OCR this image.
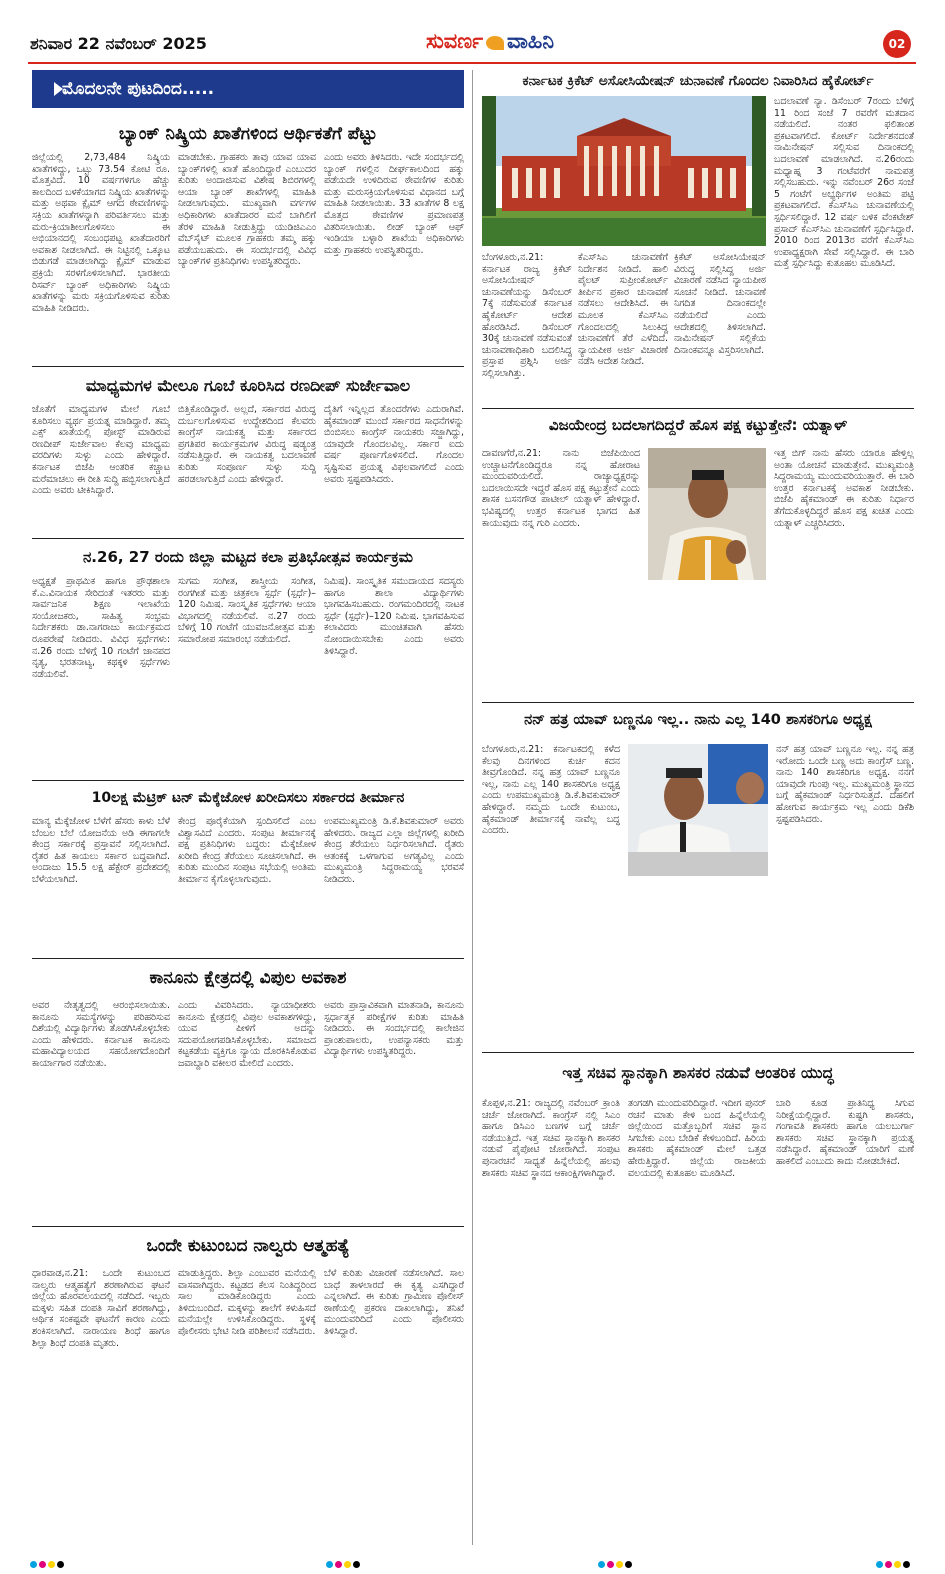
ಶನಿವಾರ 22 ನವೆಂಬರ್ 2025	ಸುವರ್ಣ ವಾಹಿನಿ	02
ಮೊದಲನೇ ಪುಟದಿಂದ.....
ಬ್ಯಾಂಕ್ ನಿಷ್ಕ್ರಿಯ ಖಾತೆಗಳಿಂದ ಆರ್ಥಿಕತೆಗೆ ಪೆಟ್ಟು
ಜಿಲ್ಲೆಯಲ್ಲಿ 2,73,484 ನಿಷ್ಕ್ರಿಯ ಖಾತೆಗಳಿದ್ದು, ಒಟ್ಟು 73.54 ಕೋಟಿ ರೂ. ಮೊತ್ತವಿದೆ. 10 ವರ್ಷಗಳಿಗೂ ಹೆಚ್ಚು ಕಾಲದಿಂದ ಬಳಕೆಯಾಗದ ನಿಷ್ಕ್ರಿಯ ಖಾತೆಗಳನ್ನು ಮತ್ತು ಅಥವಾ ಕ್ಲೈಮ್ ಆಗದ ಠೇವಣಿಗಳನ್ನು ಸಕ್ರಿಯ ಖಾತೆಗಳನ್ನಾಗಿ ಪರಿವರ್ತಿಸಲು ಮತ್ತು ಮರು-ಕ್ರಿಯಾಶೀಲಗೊಳಿಸಲು ಈ ಅಭಿಯಾನದಲ್ಲಿ ಸಂಬಂಧಪಟ್ಟ ಖಾತೆದಾರರಿಗೆ ಅವಕಾಶ ನೀಡಲಾಗಿದೆ. ಈ ನಿಟ್ಟಿನಲ್ಲಿ ಒಕ್ಕೂಟ ಬಿಡುಗಡೆ ಮಾಡಲಾಗಿದ್ದು ಕ್ಲೈಮ್ ಮಾಡುವ ಪ್ರಕ್ರಿಯೆ ಸರಳಗೊಳಿಸಲಾಗಿದೆ. ಭಾರತೀಯ ರಿಸರ್ವ್ ಬ್ಯಾಂಕ್ ಅಧಿಕಾರಿಗಳು ನಿಷ್ಕ್ರಿಯ ಖಾತೆಗಳನ್ನು ಮರು ಸಕ್ರಿಯಗೊಳಿಸುವ ಕುರಿತು ಮಾಹಿತಿ ನೀಡಿದರು.
ಮಾಡಬೇಕು. ಗ್ರಾಹಕರು ತಾವು ಯಾವ ಯಾವ ಬ್ಯಾಂಕ್‌ಗಳಲ್ಲಿ ಖಾತೆ ಹೊಂದಿದ್ದಾರೆ ಎಂಬುದರ ಕುರಿತು ಅಂದಾಜಿಸುವ ವಿಶೇಷ ಶಿಬಿರಗಳಲ್ಲಿ ಆಯಾ ಬ್ಯಾಂಕ್ ಶಾಖೆಗಳಲ್ಲಿ ಮಾಹಿತಿ ನೀಡಲಾಗುವುದು. ಮುಖ್ಯವಾಗಿ ವರ್ಗಗಳ ಅಧಿಕಾರಿಗಳು ಖಾತೆದಾರರ ಮನೆ ಬಾಗಿಲಿಗೆ ತೆರಳಿ ಮಾಹಿತಿ ನೀಡುತ್ತಿದ್ದು ಯುಡಿಜಿಎಎಂ ವೆಬ್‌ಸೈಟ್ ಮೂಲಕ ಗ್ರಾಹಕರು ತಮ್ಮ ಹಕ್ಕು ಪಡೆಯಬಹುದು. ಈ ಸಂದರ್ಭದಲ್ಲಿ ವಿವಿಧ ಬ್ಯಾಂಕ್‌ಗಳ ಪ್ರತಿನಿಧಿಗಳು ಉಪಸ್ಥಿತರಿದ್ದರು.
ಎಂದು ಅವರು ತಿಳಿಸಿದರು. ಇದೇ ಸಂದರ್ಭದಲ್ಲಿ ಬ್ಯಾಂಕ್ ಗಳಲ್ಲಿನ ದೀರ್ಘಕಾಲದಿಂದ ಹಕ್ಕು ಪಡೆಯದೇ ಉಳಿದಿರುವ ಠೇವಣಿಗಳ ಕುರಿತು ಮತ್ತು ಮರುಸಕ್ರಿಯಗೊಳಿಸುವ ವಿಧಾನದ ಬಗ್ಗೆ ಮಾಹಿತಿ ನೀಡಲಾಯಿತು. 33 ಖಾತೆಗಳ 8 ಲಕ್ಷ ಮೊತ್ತದ ಠೇವಣಿಗಳ ಪ್ರಮಾಣಪತ್ರ ವಿತರಿಸಲಾಯಿತು. ಲೀಡ್ ಬ್ಯಾಂಕ್ ಆಫ್ ಇಂಡಿಯಾ ಬಳ್ಳಾರಿ ಶಾಖೆಯ ಅಧಿಕಾರಿಗಳು ಮತ್ತು ಗ್ರಾಹಕರು ಉಪಸ್ಥಿತರಿದ್ದರು.
ಮಾಧ್ಯಮಗಳ ಮೇಲೂ ಗೂಬೆ ಕೂರಿಸಿದ ರಣದೀಪ್ ಸುರ್ಜೇವಾಲ
ಜೊತೆಗೆ ಮಾಧ್ಯಮಗಳ ಮೇಲೆ ಗೂಬೆ ಕೂರಿಸಲು ವ್ಯರ್ಥ ಪ್ರಯತ್ನ ಮಾಡಿದ್ದಾರೆ. ತಮ್ಮ ಎಕ್ಸ್ ಖಾತೆಯಲ್ಲಿ ಪೋಸ್ಟ್ ಮಾಡಿರುವ ರಣದೀಪ್ ಸುರ್ಜೇವಾಲ ಕೆಲವು ಮಾಧ್ಯಮ ವರದಿಗಳು ಸುಳ್ಳು ಎಂದು ಹೇಳಿದ್ದಾರೆ. ಕರ್ನಾಟಕ ಬಿಜೆಪಿ ಆಂತರಿಕ ಕಚ್ಚಾಟ ಮರೆಮಾಚಲು ಈ ರೀತಿ ಸುದ್ದಿ ಹಬ್ಬಿಸಲಾಗುತ್ತಿದೆ ಎಂದು ಅವರು ಟೀಕಿಸಿದ್ದಾರೆ.
ಬಿತ್ತಿಕೊಂಡಿದ್ದಾರೆ. ಅಲ್ಲದೆ, ಸರ್ಕಾರದ ವಿರುದ್ಧ ದುರ್ಬಲಗೊಳಿಸುವ ಉದ್ದೇಶದಿಂದ ಕೆಲವರು ಕಾಂಗ್ರೆಸ್ ನಾಯಕತ್ವ ಮತ್ತು ಸರ್ಕಾರದ ಪ್ರಗತಿಪರ ಕಾರ್ಯಕ್ರಮಗಳ ವಿರುದ್ಧ ಷಡ್ಯಂತ್ರ ನಡೆಸುತ್ತಿದ್ದಾರೆ. ಈ ನಾಯಕತ್ವ ಬದಲಾವಣೆ ಕುರಿತು ಸಂಪೂರ್ಣ ಸುಳ್ಳು ಸುದ್ದಿ ಹರಡಲಾಗುತ್ತಿದೆ ಎಂದು ಹೇಳಿದ್ದಾರೆ.
ದೈತಿಗೆ ಇನ್ನಿಲ್ಲದ ತೊಂದರೆಗಳು ಎದುರಾಗಿವೆ. ಹೈಕಮಾಂಡ್ ಮುಂದೆ ಸರ್ಕಾರದ ಸಾಧನೆಗಳನ್ನು ಬಿಂಬಿಸಲು ಕಾಂಗ್ರೆಸ್ ನಾಯಕರು ಸಜ್ಜಾಗಿದ್ದು, ಯಾವುದೇ ಗೊಂದಲವಿಲ್ಲ. ಸರ್ಕಾರ ಐದು ವರ್ಷ ಪೂರ್ಣಗೊಳಿಸಲಿದೆ. ಗೊಂದಲ ಸೃಷ್ಟಿಸುವ ಪ್ರಯತ್ನ ವಿಫಲವಾಗಲಿದೆ ಎಂದು ಅವರು ಸ್ಪಷ್ಟಪಡಿಸಿದರು.
ನ.26, 27 ರಂದು ಜಿಲ್ಲಾ ಮಟ್ಟದ ಕಲಾ ಪ್ರತಿಭೋತ್ಸವ ಕಾರ್ಯಕ್ರಮ
ಅಧ್ಯಕ್ಷತೆ ಪ್ರಾಥಮಿಕ ಹಾಗೂ ಪ್ರೌಢಶಾಲಾ ಕೆ.ಎ.ವಿನಾಯಕ ಸೇರಿದಂತೆ ಇತರರು ಮತ್ತು ಸಾರ್ವಜನಿಕ ಶಿಕ್ಷಣ ಇಲಾಖೆಯ ಸಂಯೋಜಕರು, ಸಾಹಿತ್ಯ ಸಂಭ್ರಮ ನಿರ್ದೇಶಕರು ಡಾ.ನಾಗರಾಜು ಕಾರ್ಯಕ್ರಮದ ರೂಪರೇಷೆ ನೀಡಿದರು. ವಿವಿಧ ಸ್ಪರ್ಧೆಗಳು: ನ.26 ರಂದು ಬೆಳಿಗ್ಗೆ 10 ಗಂಟೆಗೆ ಜಾನಪದ ನೃತ್ಯ, ಭರತನಾಟ್ಯ, ಕಥಕ್ಕಳಿ ಸ್ಪರ್ಧೆಗಳು ನಡೆಯಲಿವೆ.
ಸುಗಮ ಸಂಗೀತ, ಶಾಸ್ತ್ರೀಯ ಸಂಗೀತ, ರಂಗಗೀತೆ ಮತ್ತು ಚಿತ್ರಕಲಾ ಸ್ಪರ್ಧೆ (ಸ್ಪರ್ಧೆ)–120 ನಿಮಿಷ. ಸಾಂಸ್ಕೃತಿಕ ಸ್ಪರ್ಧೆಗಳು ಆಯಾ ವಿಭಾಗದಲ್ಲಿ ನಡೆಯಲಿವೆ. ನ.27 ರಂದು ಬೆಳಿಗ್ಗೆ 10 ಗಂಟೆಗೆ ಯುವಜನೋತ್ಸವ ಮತ್ತು ಸಮಾರೋಪ ಸಮಾರಂಭ ನಡೆಯಲಿದೆ.
ನಿಮಿಷ). ಸಾಂಸ್ಕೃತಿಕ ಸಮುದಾಯದ ಸದಸ್ಯರು ಹಾಗೂ ಶಾಲಾ ವಿದ್ಯಾರ್ಥಿಗಳು ಭಾಗವಹಿಸಬಹುದು. ರಂಗಮಂದಿರದಲ್ಲಿ ನಾಟಕ ಸ್ಪರ್ಧೆ (ಸ್ಪರ್ಧೆ)–120 ನಿಮಿಷ. ಭಾಗವಹಿಸುವ ಕಲಾವಿದರು ಮುಂಚಿತವಾಗಿ ಹೆಸರು ನೋಂದಾಯಿಸಬೇಕು ಎಂದು ಅವರು ತಿಳಿಸಿದ್ದಾರೆ.
10ಲಕ್ಷ ಮೆಟ್ರಿಕ್ ಟನ್ ಮೆಕ್ಕೆಜೋಳ ಖರೀದಿಸಲು ಸರ್ಕಾರದ ತೀರ್ಮಾನ
ಮಾನ್ಯ ಮೆಕ್ಕೆಜೋಳ ಬೆಳೆಗೆ ಹೆಸರು ಕಾಳು ಬೆಳೆ ಬೆಂಬಲ ಬೆಲೆ ಯೋಜನೆಯ ಅಡಿ ಈಗಾಗಲೇ ಕೇಂದ್ರ ಸರ್ಕಾರಕ್ಕೆ ಪ್ರಸ್ತಾವನೆ ಸಲ್ಲಿಸಲಾಗಿದೆ. ರೈತರ ಹಿತ ಕಾಯಲು ಸರ್ಕಾರ ಬದ್ಧವಾಗಿದೆ. ಅಂದಾಜು 15.5 ಲಕ್ಷ ಹೆಕ್ಟೇರ್ ಪ್ರದೇಶದಲ್ಲಿ ಬೆಳೆಯಲಾಗಿದೆ.
ಕೇಂದ್ರ ಪೂರೈಕೆಯಾಗಿ ಸ್ಪಂದಿಸಲಿದೆ ಎಂಬ ವಿಶ್ವಾಸವಿದೆ ಎಂದರು. ಸಂಪುಟ ತೀರ್ಮಾನಕ್ಕೆ ಪಕ್ಷ ಪ್ರತಿನಿಧಿಗಳು ಬದ್ಧರು: ಮೆಕ್ಕೆಜೋಳ ಖರೀದಿ ಕೇಂದ್ರ ತೆರೆಯಲು ಸೂಚಿಸಲಾಗಿದೆ. ಈ ಕುರಿತು ಮುಂದಿನ ಸಂಪುಟ ಸಭೆಯಲ್ಲಿ ಅಂತಿಮ ತೀರ್ಮಾನ ಕೈಗೊಳ್ಳಲಾಗುವುದು.
ಉಪಮುಖ್ಯಮಂತ್ರಿ ಡಿ.ಕೆ.ಶಿವಕುಮಾರ್ ಅವರು ಹೇಳಿದರು. ರಾಜ್ಯದ ಎಲ್ಲಾ ಜಿಲ್ಲೆಗಳಲ್ಲಿ ಖರೀದಿ ಕೇಂದ್ರ ತೆರೆಯಲು ನಿರ್ಧರಿಸಲಾಗಿದೆ. ರೈತರು ಆತಂಕಕ್ಕೆ ಒಳಗಾಗುವ ಅಗತ್ಯವಿಲ್ಲ ಎಂದು ಮುಖ್ಯಮಂತ್ರಿ ಸಿದ್ದರಾಮಯ್ಯ ಭರವಸೆ ನೀಡಿದರು.
ಕಾನೂನು ಕ್ಷೇತ್ರದಲ್ಲಿ ವಿಪುಲ ಅವಕಾಶ
ಅವರ ನೇತೃತ್ವದಲ್ಲಿ ಆರಂಭಿಸಲಾಯಿತು. ಕಾನೂನು ಸಮಸ್ಯೆಗಳನ್ನು ಪರಿಹರಿಸುವ ದಿಶೆಯಲ್ಲಿ ವಿದ್ಯಾರ್ಥಿಗಳು ತೊಡಗಿಸಿಕೊಳ್ಳಬೇಕು ಎಂದು ಹೇಳಿದರು. ಕರ್ನಾಟಕ ಕಾನೂನು ಮಹಾವಿದ್ಯಾಲಯದ ಸಹಯೋಗದೊಂದಿಗೆ ಕಾರ್ಯಾಗಾರ ನಡೆಯಿತು.
ಎಂದು ವಿವರಿಸಿದರು. ನ್ಯಾಯಾಧೀಶರು ಕಾನೂನು ಕ್ಷೇತ್ರದಲ್ಲಿ ವಿಪುಲ ಅವಕಾಶಗಳಿದ್ದು, ಯುವ ಪೀಳಿಗೆ ಅದನ್ನು ಸದುಪಯೋಗಪಡಿಸಿಕೊಳ್ಳಬೇಕು. ಸಮಾಜದ ಕಟ್ಟಕಡೆಯ ವ್ಯಕ್ತಿಗೂ ನ್ಯಾಯ ದೊರಕಿಸಿಕೊಡುವ ಜವಾಬ್ದಾರಿ ವಕೀಲರ ಮೇಲಿದೆ ಎಂದರು.
ಅವರು ಪ್ರಾಸ್ತಾವಿಕವಾಗಿ ಮಾತನಾಡಿ, ಕಾನೂನು ಸ್ಪರ್ಧಾತ್ಮಕ ಪರೀಕ್ಷೆಗಳ ಕುರಿತು ಮಾಹಿತಿ ನೀಡಿದರು. ಈ ಸಂದರ್ಭದಲ್ಲಿ ಕಾಲೇಜಿನ ಪ್ರಾಂಶುಪಾಲರು, ಉಪನ್ಯಾಸಕರು ಮತ್ತು ವಿದ್ಯಾರ್ಥಿಗಳು ಉಪಸ್ಥಿತರಿದ್ದರು.
ಒಂದೇ ಕುಟುಂಬದ ನಾಲ್ವರು ಆತ್ಮಹತ್ಯೆ
ಧಾರವಾಡ,ನ.21: ಒಂದೇ ಕುಟುಂಬದ ನಾಲ್ವರು ಆತ್ಮಹತ್ಯೆಗೆ ಶರಣಾಗಿರುವ ಘಟನೆ ಜಿಲ್ಲೆಯ ಹೊರವಲಯದಲ್ಲಿ ನಡೆದಿದೆ. ಇಬ್ಬರು ಮಕ್ಕಳು ಸಹಿತ ದಂಪತಿ ಸಾವಿಗೆ ಶರಣಾಗಿದ್ದು, ಆರ್ಥಿಕ ಸಂಕಷ್ಟವೇ ಘಟನೆಗೆ ಕಾರಣ ಎಂದು ಶಂಕಿಸಲಾಗಿದೆ. ನಾರಾಯಣ ಶಿಂಧೆ ಹಾಗೂ ಶಿಲ್ಪಾ ಶಿಂಧೆ ದಂಪತಿ ಮೃತರು.
ಮಾಡುತ್ತಿದ್ದರು. ಶಿಲ್ಪಾ ಎಂಬುವರ ಮನೆಯಲ್ಲಿ ವಾಸವಾಗಿದ್ದರು. ಕಟ್ಟಡದ ಕೆಲಸ ನಿಂತಿದ್ದರಿಂದ ಸಾಲ ಮಾಡಿಕೊಂಡಿದ್ದರು ಎಂದು ತಿಳಿದುಬಂದಿದೆ. ಮಕ್ಕಳನ್ನು ಶಾಲೆಗೆ ಕಳುಹಿಸದೆ ಮನೆಯಲ್ಲೇ ಉಳಿಸಿಕೊಂಡಿದ್ದರು. ಸ್ಥಳಕ್ಕೆ ಪೊಲೀಸರು ಭೇಟಿ ನೀಡಿ ಪರಿಶೀಲನೆ ನಡೆಸಿದರು.
ಬೆಳೆ ಕುರಿತು ವಿಚಾರಣೆ ನಡೆಸಲಾಗಿದೆ. ಸಾಲ ಬಾಧೆ ತಾಳಲಾರದೆ ಈ ಕೃತ್ಯ ಎಸಗಿದ್ದಾರೆ ಎನ್ನಲಾಗಿದೆ. ಈ ಕುರಿತು ಗ್ರಾಮೀಣ ಪೊಲೀಸ್ ಠಾಣೆಯಲ್ಲಿ ಪ್ರಕರಣ ದಾಖಲಾಗಿದ್ದು, ತನಿಖೆ ಮುಂದುವರಿದಿದೆ ಎಂದು ಪೊಲೀಸರು ತಿಳಿಸಿದ್ದಾರೆ.
ಕರ್ನಾಟಕ ಕ್ರಿಕೆಟ್ ಅಸೋಸಿಯೇಷನ್ ಚುನಾವಣೆ ಗೊಂದಲ ನಿವಾರಿಸಿದ ಹೈಕೋರ್ಟ್
ಬದಲಾವಣೆ ನ್ಯಾ. ಡಿಸೆಂಬರ್ 7ರಂದು ಬೆಳಿಗ್ಗೆ 11 ರಿಂದ ಸಂಜೆ 7 ರವರೆಗೆ ಮತದಾನ ನಡೆಯಲಿದೆ. ನಂತರ ಫಲಿತಾಂಶ ಪ್ರಕಟವಾಗಲಿದೆ. ಕೋರ್ಟ್ ನಿರ್ದೇಶನದಂತೆ ನಾಮಿನೇಷನ್ ಸಲ್ಲಿಸುವ ದಿನಾಂಕದಲ್ಲಿ ಬದಲಾವಣೆ ಮಾಡಲಾಗಿದೆ. ನ.26ರಂದು ಮಧ್ಯಾಹ್ನ 3 ಗಂಟೆವರೆಗೆ ನಾಮಪತ್ರ ಸಲ್ಲಿಸಬಹುದು. ಇನ್ನು ನವೆಂಬರ್ 26ರ ಸಂಜೆ 5 ಗಂಟೆಗೆ ಅಭ್ಯರ್ಥಿಗಳ ಅಂತಿಮ ಪಟ್ಟಿ ಪ್ರಕಟವಾಗಲಿದೆ. ಕೆಎಸ್‌ಸಿಎ ಚುನಾವಣೆಯಲ್ಲಿ ಸ್ಪರ್ಧಿಸಲಿದ್ದಾರೆ. 12 ವರ್ಷ ಬಳಿಕ ವೆಂಕಟೇಶ್ ಪ್ರಸಾದ್ ಕೆಎಸ್‌ಸಿಎ ಚುನಾವಣೆಗೆ ಸ್ಪರ್ಧಿಸಿದ್ದಾರೆ. 2010 ರಿಂದ 2013ರ ವರೆಗೆ ಕೆಎಸ್‌ಸಿಎ ಉಪಾಧ್ಯಕ್ಷರಾಗಿ ಸೇವೆ ಸಲ್ಲಿಸಿದ್ದಾರೆ. ಈ ಬಾರಿ ಮತ್ತೆ ಸ್ಪರ್ಧಿಸಿದ್ದು ಕುತೂಹಲ ಮೂಡಿಸಿದೆ.
ಬೆಂಗಳೂರು,ನ.21: ಕರ್ನಾಟಕ ರಾಜ್ಯ ಕ್ರಿಕೆಟ್ ಅಸೋಸಿಯೇಷನ್ ಚುನಾವಣೆಯನ್ನು ಡಿಸೆಂಬರ್ 7ಕ್ಕೆ ನಡೆಸುವಂತೆ ಕರ್ನಾಟಕ ಹೈಕೋರ್ಟ್ ಆದೇಶ ಹೊರಡಿಸಿದೆ. ಡಿಸೆಂಬರ್ 30ಕ್ಕೆ ಚುನಾವಣೆ ನಡೆಸುವಂತೆ ಚುನಾವಣಾಧಿಕಾರಿ ಬದಲಿಸಿದ್ದ ಪ್ರಸ್ತಾಪ ಪ್ರಶ್ನಿಸಿ ಅರ್ಜಿ ಸಲ್ಲಿಸಲಾಗಿತ್ತು.
ಕೆಎಸ್‌ಸಿಎ ಚುನಾವಣೆಗೆ ನಿರ್ದೇಶನ ನೀಡಿದೆ. ಹಾಲಿ ಪೈಲಟ್ ಸುಪ್ರೀಂಕೋರ್ಟ್ ತೀರ್ಪಿನ ಪ್ರಕಾರ ಚುನಾವಣೆ ನಡೆಸಲು ಆದೇಶಿಸಿದೆ. ಈ ಮೂಲಕ ಕೆಎಸ್‌ಸಿಎ ಗೊಂದಲದಲ್ಲಿ ಸಿಲುಕಿದ್ದ ಚುನಾವಣೆಗೆ ತೆರೆ ಎಳೆದಿದೆ. ನ್ಯಾಯಪೀಠ ಅರ್ಜಿ ವಿಚಾರಣೆ ನಡೆಸಿ ಆದೇಶ ನೀಡಿದೆ.
ಕ್ರಿಕೆಟ್ ಅಸೋಸಿಯೇಷನ್ ವಿರುದ್ಧ ಸಲ್ಲಿಸಿದ್ದ ಅರ್ಜಿ ವಿಚಾರಣೆ ನಡೆಸಿದ ನ್ಯಾಯಪೀಠ ಸೂಚನೆ ನೀಡಿದೆ. ಚುನಾವಣೆ ನಿಗದಿತ ದಿನಾಂಕದಲ್ಲೇ ನಡೆಯಲಿದೆ ಎಂದು ಆದೇಶದಲ್ಲಿ ತಿಳಿಸಲಾಗಿದೆ. ನಾಮಿನೇಷನ್ ಸಲ್ಲಿಕೆಯ ದಿನಾಂಕವನ್ನೂ ವಿಸ್ತರಿಸಲಾಗಿದೆ.
ವಿಜಯೇಂದ್ರ ಬದಲಾಗದಿದ್ದರೆ ಹೊಸ ಪಕ್ಷ ಕಟ್ಟುತ್ತೇನೆ: ಯತ್ನಾಳ್
ದಾವಣಗೆರೆ,ನ.21: ನಾನು ಬಿಜೆಪಿಯಿಂದ ಉಚ್ಚಾಟನೆಗೊಂಡಿದ್ದರೂ ನನ್ನ ಹೋರಾಟ ಮುಂದುವರಿಯಲಿದೆ. ರಾಜ್ಯಾಧ್ಯಕ್ಷರನ್ನು ಬದಲಾಯಿಸದೇ ಇದ್ದರೆ ಹೊಸ ಪಕ್ಷ ಕಟ್ಟುತ್ತೇನೆ ಎಂದು ಶಾಸಕ ಬಸನಗೌಡ ಪಾಟೀಲ್ ಯತ್ನಾಳ್ ಹೇಳಿದ್ದಾರೆ. ಭವಿಷ್ಯದಲ್ಲಿ ಉತ್ತರ ಕರ್ನಾಟಕ ಭಾಗದ ಹಿತ ಕಾಯುವುದು ನನ್ನ ಗುರಿ ಎಂದರು.
ಇತ್ತ ಬಿಗ್ ನಾನು ಹೆಸರು ಯಾರೂ ಹೇಳ್ತಿಲ್ಲ ಅಂತಾ ಯೋಚನೆ ಮಾಡುತ್ತೇನೆ. ಮುಖ್ಯಮಂತ್ರಿ ಸಿದ್ದರಾಮಯ್ಯ ಮುಂದುವರಿಯುತ್ತಾರೆ. ಈ ಬಾರಿ ಉತ್ತರ ಕರ್ನಾಟಕಕ್ಕೆ ಅವಕಾಶ ನೀಡಬೇಕು. ಬಿಜೆಪಿ ಹೈಕಮಾಂಡ್ ಈ ಕುರಿತು ನಿರ್ಧಾರ ತೆಗೆದುಕೊಳ್ಳದಿದ್ದರೆ ಹೊಸ ಪಕ್ಷ ಖಚಿತ ಎಂದು ಯತ್ನಾಳ್ ಎಚ್ಚರಿಸಿದರು.
ನನ್ ಹತ್ರ ಯಾವ್ ಬಣ್ಣನೂ ಇಲ್ಲ.. ನಾನು ಎಲ್ಲ 140 ಶಾಸಕರಿಗೂ ಅಧ್ಯಕ್ಷ
ಬೆಂಗಳೂರು,ನ.21: ಕರ್ನಾಟಕದಲ್ಲಿ ಕಳೆದ ಕೆಲವು ದಿನಗಳಿಂದ ಕುರ್ಚಿ ಕದನ ತೀವ್ರಗೊಂಡಿದೆ. ನನ್ನ ಹತ್ರ ಯಾವ್ ಬಣ್ಣನೂ ಇಲ್ಲ, ನಾನು ಎಲ್ಲ 140 ಶಾಸಕರಿಗೂ ಅಧ್ಯಕ್ಷ ಎಂದು ಉಪಮುಖ್ಯಮಂತ್ರಿ ಡಿ.ಕೆ.ಶಿವಕುಮಾರ್ ಹೇಳಿದ್ದಾರೆ. ನಮ್ಮದು ಒಂದೇ ಕುಟುಂಬ, ಹೈಕಮಾಂಡ್ ತೀರ್ಮಾನಕ್ಕೆ ನಾವೆಲ್ಲ ಬದ್ಧ ಎಂದರು.
ನನ್ ಹತ್ರ ಯಾವ್ ಬಣ್ಣನೂ ಇಲ್ಲ. ನನ್ನ ಹತ್ರ ಇರೋದು ಒಂದೇ ಬಣ್ಣ ಅದು ಕಾಂಗ್ರೆಸ್ ಬಣ್ಣ. ನಾನು 140 ಶಾಸಕರಿಗೂ ಅಧ್ಯಕ್ಷ. ನನಗೆ ಯಾವುದೇ ಗುಂಪು ಇಲ್ಲ. ಮುಖ್ಯಮಂತ್ರಿ ಸ್ಥಾನದ ಬಗ್ಗೆ ಹೈಕಮಾಂಡ್ ನಿರ್ಧರಿಸುತ್ತದೆ. ದೆಹಲಿಗೆ ಹೋಗುವ ಕಾರ್ಯಕ್ರಮ ಇಲ್ಲ ಎಂದು ಡಿಕೆಶಿ ಸ್ಪಷ್ಟಪಡಿಸಿದರು.
ಇತ್ತ ಸಚಿವ ಸ್ಥಾನಕ್ಕಾಗಿ ಶಾಸಕರ ನಡುವೆ ಆಂತರಿಕ ಯುದ್ಧ
ಕೊಪ್ಪಳ,ನ.21: ರಾಜ್ಯದಲ್ಲಿ ನವೆಂಬರ್ ಕ್ರಾಂತಿ ಚರ್ಚೆ ಜೋರಾಗಿದೆ. ಕಾಂಗ್ರೆಸ್ ನಲ್ಲಿ ಸಿಎಂ ಹಾಗೂ ಡಿಸಿಎಂ ಬಣಗಳ ಬಗ್ಗೆ ಚರ್ಚೆ ನಡೆಯುತ್ತಿದೆ. ಇತ್ತ ಸಚಿವ ಸ್ಥಾನಕ್ಕಾಗಿ ಶಾಸಕರ ನಡುವೆ ಪೈಪೋಟಿ ಜೋರಾಗಿದೆ. ಸಂಪುಟ ಪುನಾರಚನೆ ಸಾಧ್ಯತೆ ಹಿನ್ನೆಲೆಯಲ್ಲಿ ಹಲವು ಶಾಸಕರು ಸಚಿವ ಸ್ಥಾನದ ಆಕಾಂಕ್ಷಿಗಳಾಗಿದ್ದಾರೆ.
ತಂಗಡಗಿ ಮುಂದುವರಿದಿದ್ದಾರೆ. ಇದೀಗ ಪುನರ್ ರಚನೆ ಮಾತು ಕೇಳಿ ಬಂದ ಹಿನ್ನೆಲೆಯಲ್ಲಿ ಜಿಲ್ಲೆಯಿಂದ ಮತ್ತೊಬ್ಬರಿಗೆ ಸಚಿವ ಸ್ಥಾನ ಸಿಗಬೇಕು ಎಂಬ ಬೇಡಿಕೆ ಕೇಳಿಬಂದಿದೆ. ಹಿರಿಯ ಶಾಸಕರು ಹೈಕಮಾಂಡ್ ಮೇಲೆ ಒತ್ತಡ ಹೇರುತ್ತಿದ್ದಾರೆ. ಜಿಲ್ಲೆಯ ರಾಜಕೀಯ ವಲಯದಲ್ಲಿ ಕುತೂಹಲ ಮೂಡಿಸಿದೆ.
ಬಾರಿ ಕೂಡ ಪ್ರಾತಿನಿಧ್ಯ ಸಿಗುವ ನಿರೀಕ್ಷೆಯಲ್ಲಿದ್ದಾರೆ. ಕುಷ್ಟಗಿ ಶಾಸಕರು, ಗಂಗಾವತಿ ಶಾಸಕರು ಹಾಗೂ ಯಲಬುರ್ಗಾ ಶಾಸಕರು ಸಚಿವ ಸ್ಥಾನಕ್ಕಾಗಿ ಪ್ರಯತ್ನ ನಡೆಸಿದ್ದಾರೆ. ಹೈಕಮಾಂಡ್ ಯಾರಿಗೆ ಮಣೆ ಹಾಕಲಿದೆ ಎಂಬುದು ಕಾದು ನೋಡಬೇಕಿದೆ.
